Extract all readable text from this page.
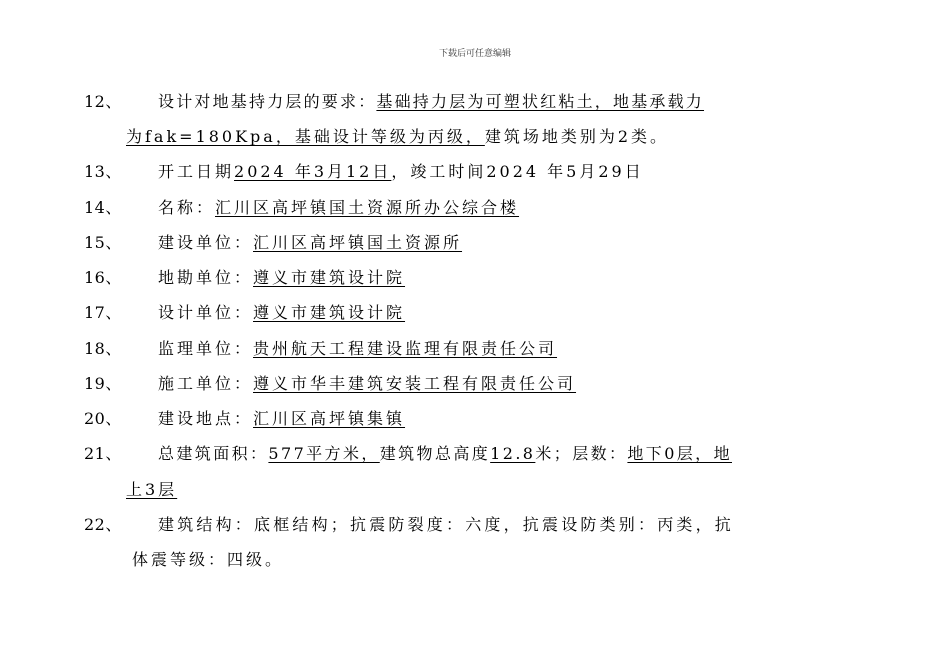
下载后可任意编辑
12、 设计对地基持力层的要求：基础持力层为可塑状红粘土，地基承载力
为fak=180Kpa，基础设计等级为丙级，建筑场地类别为2类。
13、 开工日期2024 年3月12日，竣工时间2024 年5月29日
14、 名称：汇川区高坪镇国土资源所办公综合楼
15、 建设单位：汇川区高坪镇国土资源所
16、 地勘单位：遵义市建筑设计院
17、 设计单位：遵义市建筑设计院
18、 监理单位：贵州航天工程建设监理有限责任公司
19、 施工单位：遵义市华丰建筑安装工程有限责任公司
20、 建设地点：汇川区高坪镇集镇
21、 总建筑面积：577平方米，建筑物总高度12.8米；层数：地下0层，地
上3层
22、 建筑结构：底框结构；抗震防裂度：六度，抗震设防类别：丙类，抗
体震等级：四级。
